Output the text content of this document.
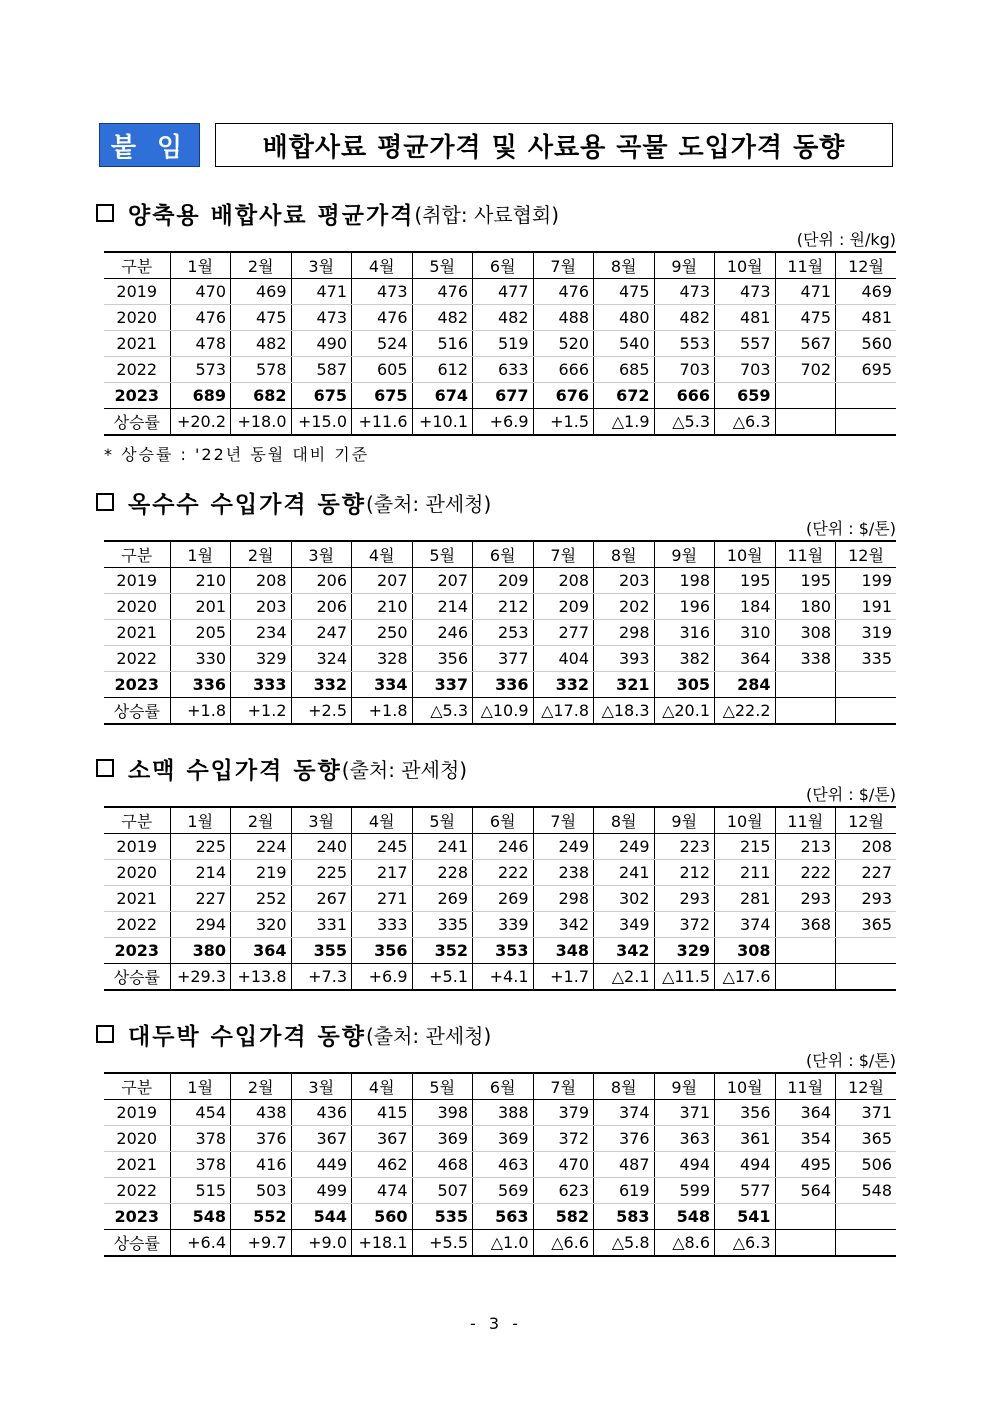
붙 임	배합사료 평균가격 및 사료용 곡물 도입가격 동향
양축용 배합사료 평균가격 (취합: 사료협회)
(단위 : 원/kg)
구분	1월	2월	3월	4월	5월	6월	7월	8월	9월	10월	11월	12월
2019	470	469	471	473	476	477	476	475	473	473	471	469
2020	476	475	473	476	482	482	488	480	482	481	475	481
2021	478	482	490	524	516	519	520	540	553	557	567	560
2022	573	578	587	605	612	633	666	685	703	703	702	695
2023	689	682	675	675	674	677	676	672	666	659		
상승률	+20.2	+18.0	+15.0	+11.6	+10.1	+6.9	+1.5	△1.9	△5.3	△6.3		
* 상승률 : '22년 동월 대비 기준
옥수수 수입가격 동향 (출처: 관세청)
(단위 : $/톤)
구분	1월	2월	3월	4월	5월	6월	7월	8월	9월	10월	11월	12월
2019	210	208	206	207	207	209	208	203	198	195	195	199
2020	201	203	206	210	214	212	209	202	196	184	180	191
2021	205	234	247	250	246	253	277	298	316	310	308	319
2022	330	329	324	328	356	377	404	393	382	364	338	335
2023	336	333	332	334	337	336	332	321	305	284		
상승률	+1.8	+1.2	+2.5	+1.8	△5.3	△10.9	△17.8	△18.3	△20.1	△22.2		
소맥 수입가격 동향 (출처: 관세청)
(단위 : $/톤)
구분	1월	2월	3월	4월	5월	6월	7월	8월	9월	10월	11월	12월
2019	225	224	240	245	241	246	249	249	223	215	213	208
2020	214	219	225	217	228	222	238	241	212	211	222	227
2021	227	252	267	271	269	269	298	302	293	281	293	293
2022	294	320	331	333	335	339	342	349	372	374	368	365
2023	380	364	355	356	352	353	348	342	329	308		
상승률	+29.3	+13.8	+7.3	+6.9	+5.1	+4.1	+1.7	△2.1	△11.5	△17.6		
대두박 수입가격 동향 (출처: 관세청)
(단위 : $/톤)
구분	1월	2월	3월	4월	5월	6월	7월	8월	9월	10월	11월	12월
2019	454	438	436	415	398	388	379	374	371	356	364	371
2020	378	376	367	367	369	369	372	376	363	361	354	365
2021	378	416	449	462	468	463	470	487	494	494	495	506
2022	515	503	499	474	507	569	623	619	599	577	564	548
2023	548	552	544	560	535	563	582	583	548	541		
상승률	+6.4	+9.7	+9.0	+18.1	+5.5	△1.0	△6.6	△5.8	△8.6	△6.3		
- 3 -
